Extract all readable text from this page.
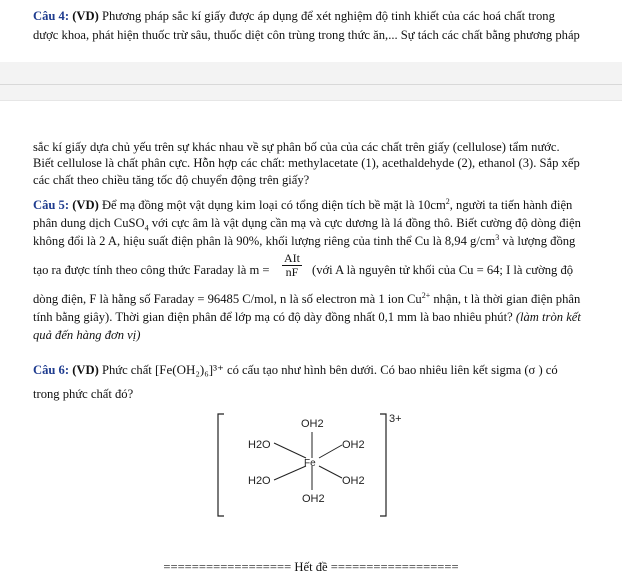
Câu 4: (VD) Phương pháp sắc kí giấy được áp dụng để xét nghiệm độ tinh khiết của các hoá chất trong

dược khoa, phát hiện thuốc trừ sâu, thuốc diệt côn trùng trong thức ăn,... Sự tách các chất bằng phương pháp

sắc kí giấy dựa chủ yếu trên sự khác nhau về sự phân bố của của các chất trên giấy (cellulose) tẩm nước.

Biết cellulose là chất phân cực. Hỗn hợp các chất: methylacetate (1), acethaldehyde (2), ethanol (3). Sắp xếp

các chất theo chiều tăng tốc độ chuyển động trên giấy?

Câu 5: (VD) Để mạ đồng một vật dụng kim loại có tổng diện tích bề mặt là $10cm^2$, người ta tiến hành điện

phân dung dịch CuSO$_4$ với cực âm là vật dụng cần mạ và cực dương là lá đồng thô. Biết cường độ dòng điện

không đổi là 2 A, hiệu suất điện phân là 90%, khối lượng riêng của tinh thể Cu là 8,94 $g/cm^3$ và lượng đồng

tạo ra được tính theo công thức Faraday là m =

AIt
nF (với A là nguyên tử khối của Cu = 64; I là cường độ

dòng điện, F là hằng số Faraday = 96485 C/mol, n là số electron mà 1 ion $Cu^{2+}$ nhận, t là thời gian điện phân

tính bằng giây). Thời gian điện phân để lớp mạ có độ dày đồng nhất 0,1 mm là bao nhiêu phút? (làm tròn kết

quả đến hàng đơn vị)

Câu 6: (VD) Phức chất [Fe(OH₂)₆]³⁺ có cấu tạo như hình bên dưới. Có bao nhiêu liên kết sigma (σ ) có

trong phức chất đó?

3+
OH2
Fe
OH2
H2O	OH2
H2O	OH2
================== Hết đề ==================
